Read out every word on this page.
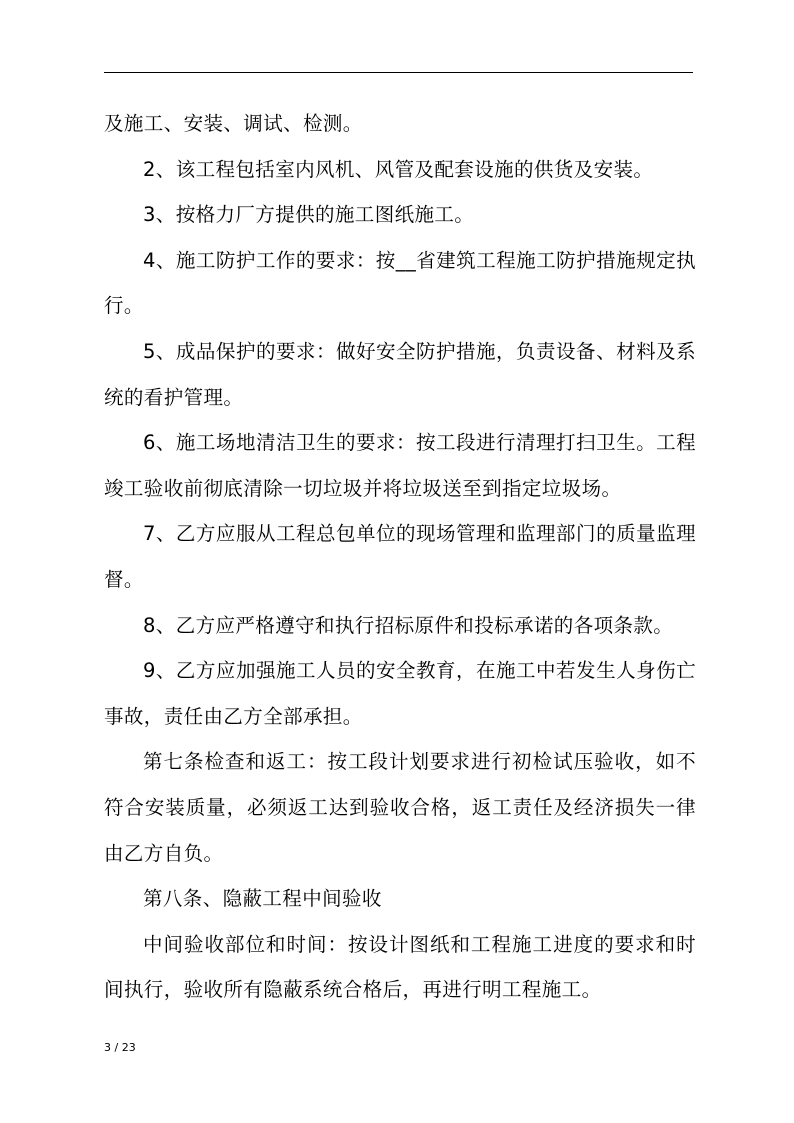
及施工、安装、调试、检测。

2、该工程包括室内风机、风管及配套设施的供货及安装。

3、按格力厂方提供的施工图纸施工。

4、施工防护工作的要求：按__省建筑工程施工防护措施规定执行。

5、成品保护的要求：做好安全防护措施，负责设备、材料及系统的看护管理。

6、施工场地清洁卫生的要求：按工段进行清理打扫卫生。工程竣工验收前彻底清除一切垃圾并将垃圾送至到指定垃圾场。

7、乙方应服从工程总包单位的现场管理和监理部门的质量监理督。

8、乙方应严格遵守和执行招标原件和投标承诺的各项条款。

9、乙方应加强施工人员的安全教育，在施工中若发生人身伤亡事故，责任由乙方全部承担。

第七条检查和返工：按工段计划要求进行初检试压验收，如不符合安装质量，必须返工达到验收合格，返工责任及经济损失一律由乙方自负。

第八条、隐蔽工程中间验收

中间验收部位和时间：按设计图纸和工程施工进度的要求和时间执行，验收所有隐蔽系统合格后，再进行明工程施工。

3 / 23
